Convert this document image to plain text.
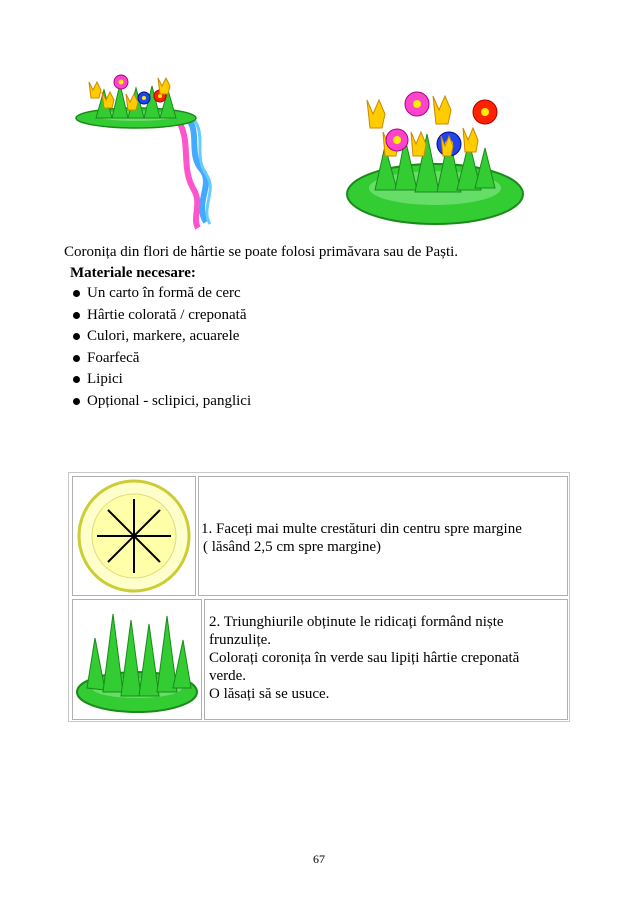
Coronița din flori de hârtie se poate folosi primăvara sau de Paști.
Materiale necesare:
Un carto în formă de cerc
Hârtie colorată / creponată
Culori, markere, acuarele
Foarfecă
Lipici
Opțional - sclipici, panglici
1. Faceți mai multe crestături din centru spre margine
( lăsând 2,5 cm spre margine)
2. Triunghiurile obținute le ridicați formând niște
frunzulițe.
Colorați coronița în verde sau lipiți hârtie creponată
verde.
O lăsați să se usuce.
67
